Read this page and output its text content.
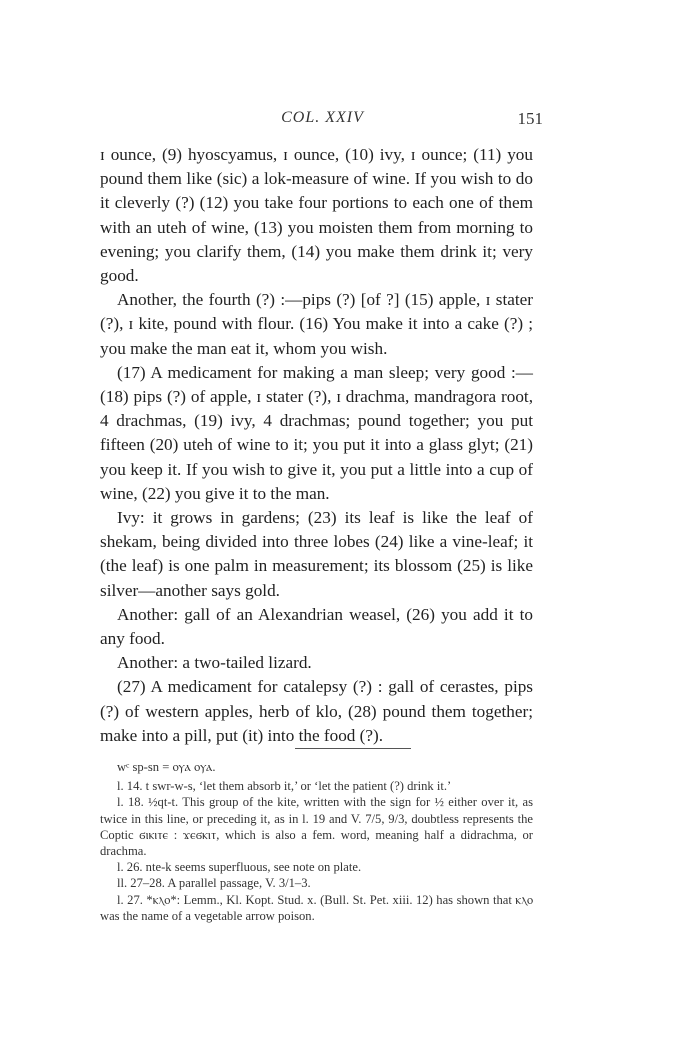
COL. XXIV	151

ɪ ounce, (9) hyoscyamus, ɪ ounce, (10) ivy, ɪ ounce; (11) you pound them like (sic) a lok-measure of wine. If you wish to do it cleverly (?) (12) you take four portions to each one of them with an uteh of wine, (13) you moisten them from morning to evening; you clarify them, (14) you make them drink it; very good.

Another, the fourth (?) :—pips (?) [of ?] (15) apple, ɪ stater (?), ɪ kite, pound with flour. (16) You make it into a cake (?) ; you make the man eat it, whom you wish.

(17) A medicament for making a man sleep; very good :—(18) pips (?) of apple, ɪ stater (?), ɪ drachma, mandragora root, 4 drachmas, (19) ivy, 4 drachmas; pound together; you put fifteen (20) uteh of wine to it; you put it into a glass glyt; (21) you keep it. If you wish to give it, you put a little into a cup of wine, (22) you give it to the man.

Ivy: it grows in gardens; (23) its leaf is like the leaf of shekam, being divided into three lobes (24) like a vine-leaf; it (the leaf) is one palm in measurement; its blossom (25) is like silver—another says gold.

Another: gall of an Alexandrian weasel, (26) you add it to any food.

Another: a two-tailed lizard.

(27) A medicament for catalepsy (?) : gall of cerastes, pips (?) of western apples, herb of klo, (28) pound them together; make into a pill, put (it) into the food (?).

wᶜ sp-sn = ⲟⲩⲁ ⲟⲩⲁ.

l. 14. t swr-w-s, ‘let them absorb it,’ or ‘let the patient (?) drink it.’

l. 18. ½qt-t. This group of the kite, written with the sign for ½ either over it, as twice in this line, or preceding it, as in l. 19 and V. 7/5, 9/3, doubtless represents the Coptic ϭⲓⲕⲓⲧⲉ : ϫⲉϭⲕⲓⲧ, which is also a fem. word, meaning half a didrachma, or drachma.

l. 26. nte-k seems superfluous, see note on plate.

ll. 27–28. A parallel passage, V. 3/1–3.

l. 27. *ⲕⲗⲟ*: Lemm., Kl. Kopt. Stud. x. (Bull. St. Pet. xiii. 12) has shown that ⲕⲗⲟ was the name of a vegetable arrow poison.
